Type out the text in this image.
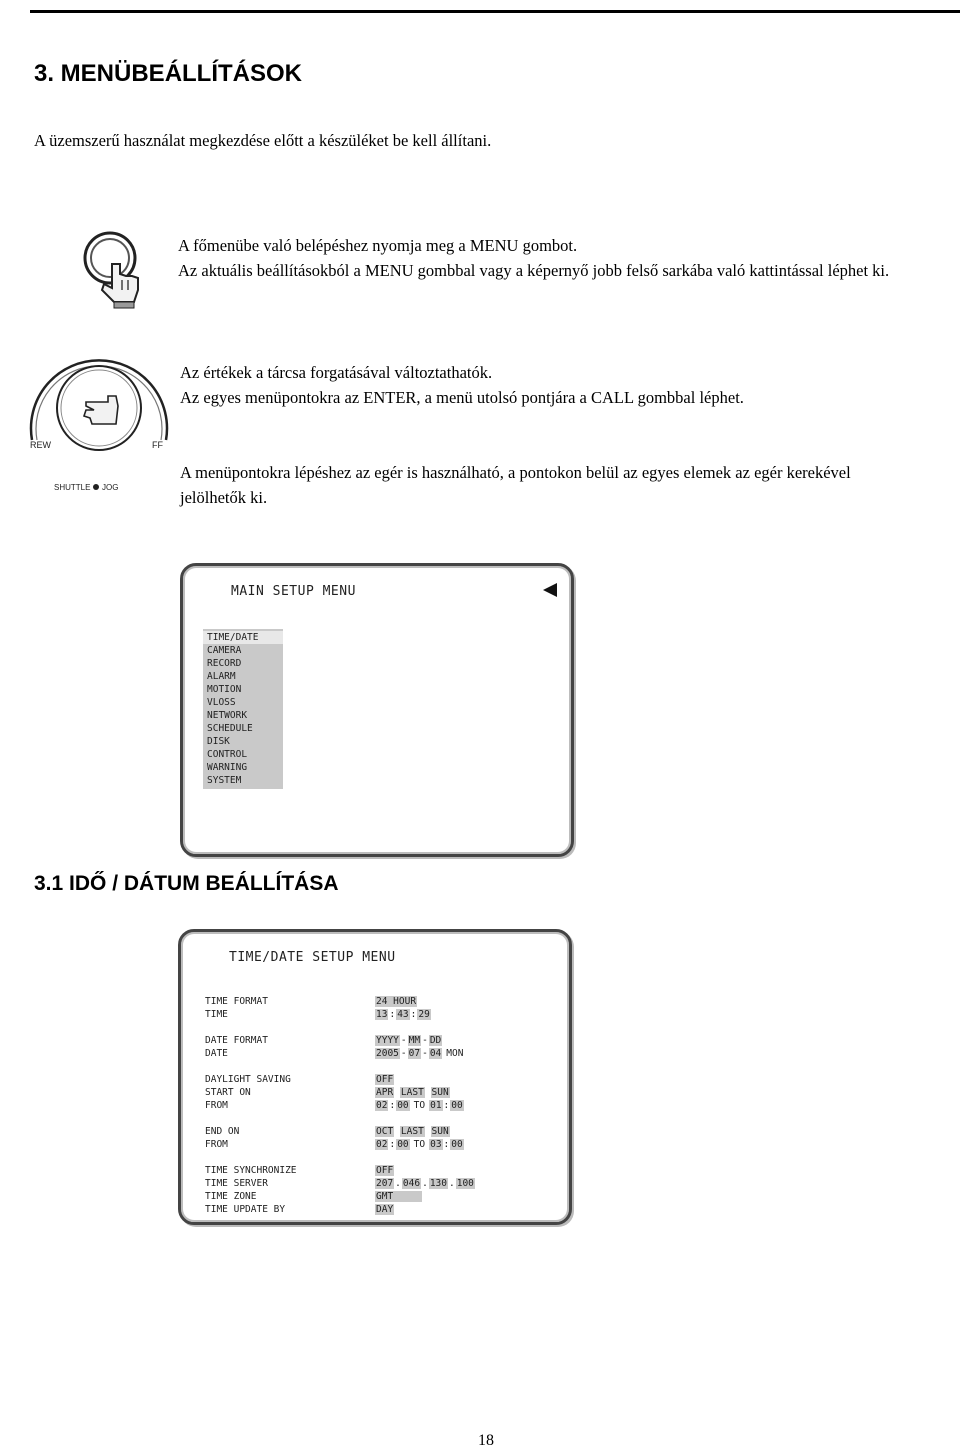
3. MENÜBEÁLLÍTÁSOK

A üzemszerű használat megkezdése előtt a készüléket be kell állítani.

A főmenübe való belépéshez nyomja meg a MENU gombot.
Az aktuális beállításokból a MENU gombbal vagy a képernyő jobb felső sarkába való kattintással léphet ki.
REW	FF
SHUTTLE JOG
Az értékek a tárcsa forgatásával változtathatók.
Az egyes menüpontokra az ENTER, a menü utolsó pontjára a CALL gombbal léphet.

A menüpontokra lépéshez az egér is használható, a pontokon belül az egyes elemek az egér kerekével jelölhetők ki.

MAIN SETUP MENU
TIME/DATE
CAMERA
RECORD
ALARM
MOTION
VLOSS
NETWORK
SCHEDULE
DISK
CONTROL
WARNING
SYSTEM
3.1 IDŐ / DÁTUM BEÁLLÍTÁSA
TIME/DATE SETUP MENU
TIME FORMAT	24 HOUR
TIME	13 : 43 : 29
DATE FORMAT	YYYY - MM - DD
DATE	2005 - 07 - 04 MON
DAYLIGHT SAVING	OFF
START ON	APR LAST SUN
FROM	02 : 00 TO 01 : 00
END ON	OCT LAST SUN
FROM	02 : 00 TO 03 : 00
TIME SYNCHRONIZE	OFF
TIME SERVER	207 . 046 . 130 . 100
TIME ZONE	GMT
TIME UPDATE BY	DAY
18
